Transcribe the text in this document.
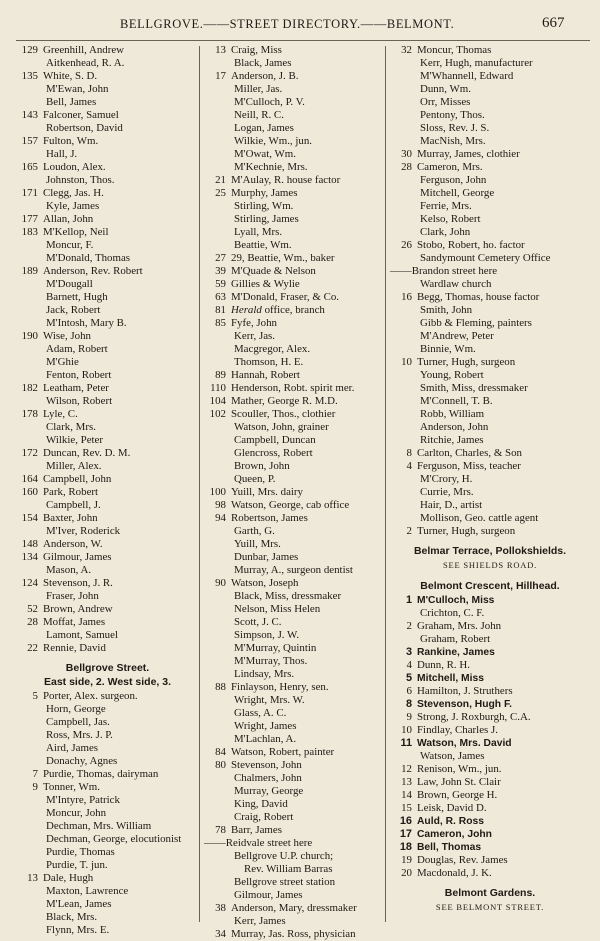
BELLGROVE.——STREET DIRECTORY.——BELMONT.	667
129 Greenhill, Andrew
Aitkenhead, R. A.
135 White, S. D.
M'Ewan, John
Bell, James
143 Falconer, Samuel
Robertson, David
157 Fulton, Wm.
Hall, J.
165 Loudon, Alex.
Johnston, Thos.
171 Clegg, Jas. H.
Kyle, James
177 Allan, John
183 M'Kellop, Neil
Moncur, F.
M'Donald, Thomas
189 Anderson, Rev. Robert
M'Dougall
Barnett, Hugh
Jack, Robert
M'Intosh, Mary B.
190 Wise, John
Adam, Robert
M'Ghie
Fenton, Robert
182 Leatham, Peter
Wilson, Robert
178 Lyle, C.
Clark, Mrs.
Wilkie, Peter
172 Duncan, Rev. D. M.
Miller, Alex.
164 Campbell, John
160 Park, Robert
Campbell, J.
154 Baxter, John
M'Iver, Roderick
148 Anderson, W.
134 Gilmour, James
Mason, A.
124 Stevenson, J. R.
Fraser, John
52 Brown, Andrew
28 Moffat, James
Lamont, Samuel
22 Rennie, David
Bellgrove Street.
East side, 2. West side, 3.
5 Porter, Alex. surgeon.
Horn, George
Campbell, Jas.
Ross, Mrs. J. P.
Aird, James
Donachy, Agnes
7 Purdie, Thomas, dairyman
9 Tonner, Wm.
M'Intyre, Patrick
Moncur, John
Dechman, Mrs. William
Dechman, George, elocutionist
Purdie, Thomas
Purdie, T. jun.
13 Dale, Hugh
Maxton, Lawrence
M'Lean, James
Black, Mrs.
Flynn, Mrs. E.
13 Craig, Miss
Black, James
17 Anderson, J. B.
Miller, Jas.
M'Culloch, P. V.
Neill, R. C.
Logan, James
Wilkie, Wm., jun.
M'Owat, Wm.
M'Kechnie, Mrs.
21 M'Aulay, R. house factor
25 Murphy, James
Stirling, Wm.
Stirling, James
Lyall, Mrs.
Beattie, Wm.
27 29, Beattie, Wm., baker
39 M'Quade & Nelson
59 Gillies & Wylie
63 M'Donald, Fraser, & Co.
81 Herald office, branch
85 Fyfe, John
Kerr, Jas.
Macgregor, Alex.
Thomson, H. E.
89 Hannah, Robert
110 Henderson, Robt. spirit mer.
104 Mather, George R. M.D.
102 Scouller, Thos., clothier
Watson, John, grainer
Campbell, Duncan
Glencross, Robert
Brown, John
Queen, P.
100 Yuill, Mrs. dairy
98 Watson, George, cab office
94 Robertson, James
Garth, G.
Yuill, Mrs.
Dunbar, James
Murray, A., surgeon dentist
90 Watson, Joseph
Black, Miss, dressmaker
Nelson, Miss Helen
Scott, J. C.
Simpson, J. W.
M'Murray, Quintin
M'Murray, Thos.
Lindsay, Mrs.
88 Finlayson, Henry, sen.
Wright, Mrs. W.
Glass, A. C.
Wright, James
M'Lachlan, A.
84 Watson, Robert, painter
80 Stevenson, John
Chalmers, John
Murray, George
King, David
Craig, Robert
78 Barr, James
——Reidvale street here
Bellgrove U.P. church;
Rev. William Barras
Bellgrove street station
Gilmour, James
38 Anderson, Mary, dressmaker
Kerr, James
34 Murray, Jas. Ross, physician
32 Moncur, Thomas
Kerr, Hugh, manufacturer
M'Whannell, Edward
Dunn, Wm.
Orr, Misses
Pentony, Thos.
Sloss, Rev. J. S.
MacNish, Mrs.
30 Murray, James, clothier
28 Cameron, Mrs.
Ferguson, John
Mitchell, George
Ferrie, Mrs.
Kelso, Robert
Clark, John
26 Stobo, Robert, ho. factor
Sandymount Cemetery Office
——Brandon street here
Wardlaw church
16 Begg, Thomas, house factor
Smith, John
Gibb & Fleming, painters
M'Andrew, Peter
Binnie, Wm.
10 Turner, Hugh, surgeon
Young, Robert
Smith, Miss, dressmaker
M'Connell, T. B.
Robb, William
Anderson, John
Ritchie, James
8 Carlton, Charles, & Son
4 Ferguson, Miss, teacher
M'Crory, H.
Currie, Mrs.
Hair, D., artist
Mollison, Geo. cattle agent
2 Turner, Hugh, surgeon
Belmar Terrace, Pollokshields.
SEE SHIELDS ROAD.
Belmont Crescent, Hillhead.
1 M'Culloch, Miss
Crichton, C. F.
2 Graham, Mrs. John
Graham, Robert
3 Rankine, James
4 Dunn, R. H.
5 Mitchell, Miss
6 Hamilton, J. Struthers
8 Stevenson, Hugh F.
9 Strong, J. Roxburgh, C.A.
10 Findlay, Charles J.
11 Watson, Mrs. David
Watson, James
12 Renison, Wm., jun.
13 Law, John St. Clair
14 Brown, George H.
15 Leisk, David D.
16 Auld, R. Ross
17 Cameron, John
18 Bell, Thomas
19 Douglas, Rev. James
20 Macdonald, J. K.
Belmont Gardens.
SEE BELMONT STREET.
